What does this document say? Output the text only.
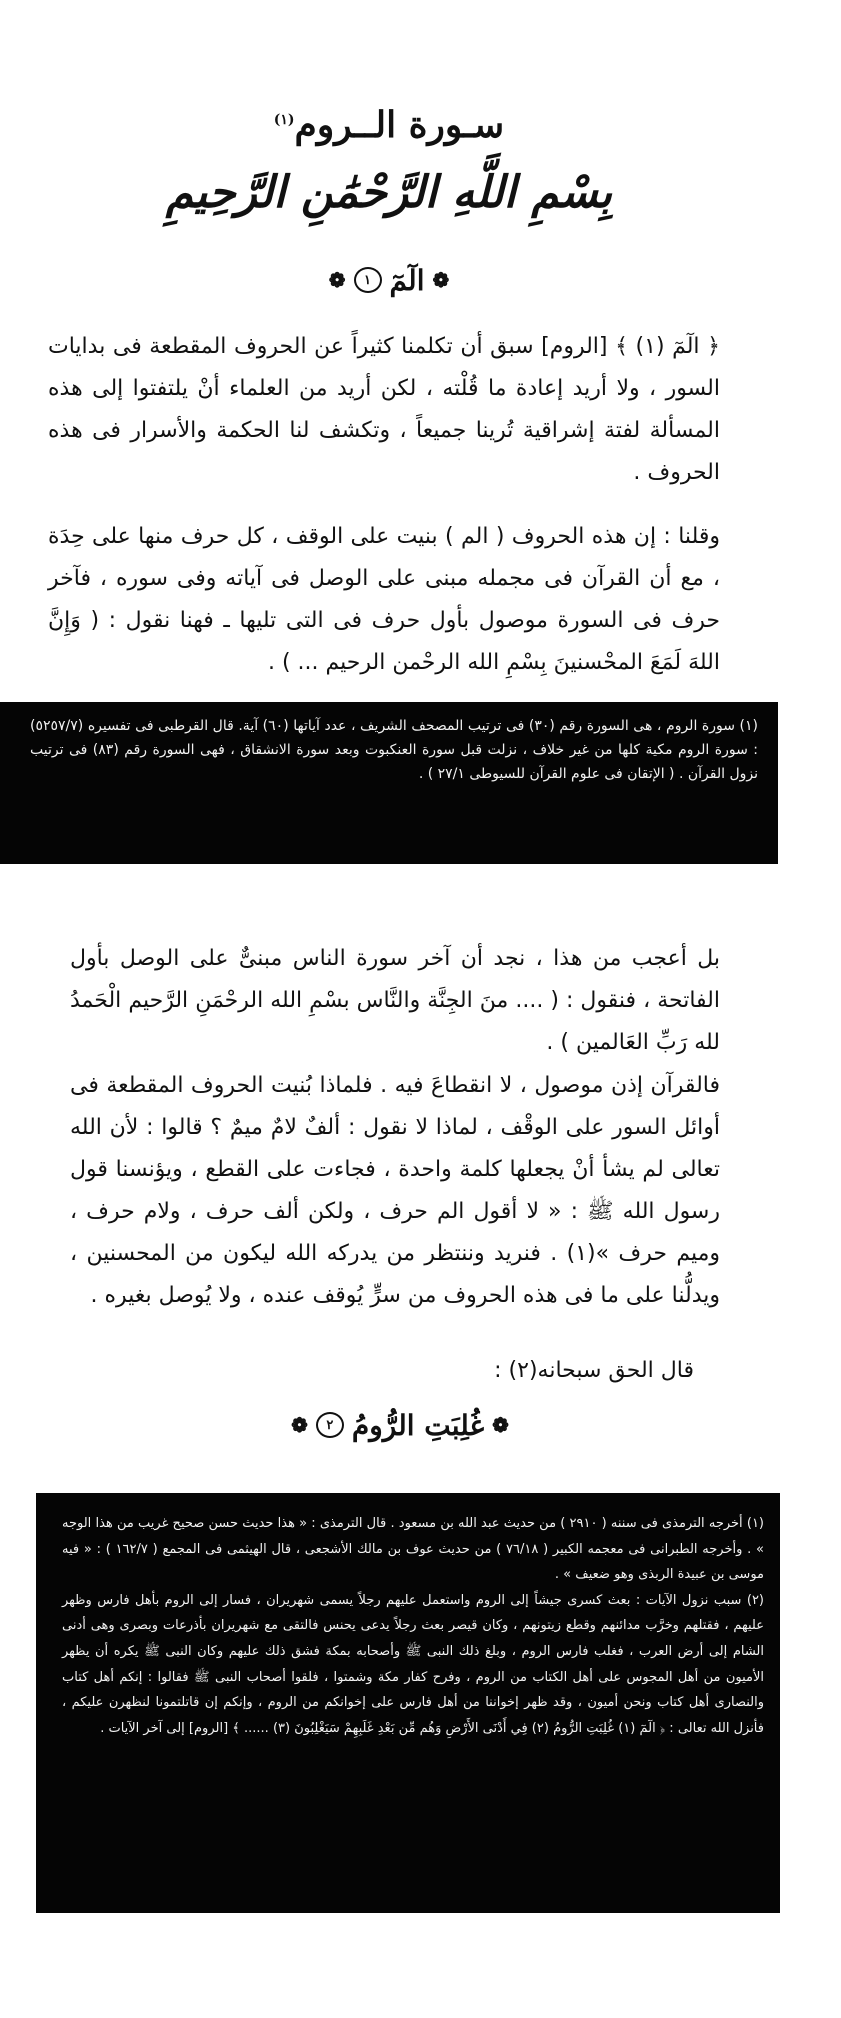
سـورة الــروم$^{(١)}$
بِسْمِ اللَّهِ الرَّحْمَٰنِ الرَّحِيمِ
❁
الٓمٓ
١
❁

﴿ الٓمٓ (١) ﴾ [الروم] سبق أن تكلمنا كثيراً عن الحروف المقطعة فى بدايات السور ، ولا أريد إعادة ما قُلْته ، لكن أريد من العلماء أنْ يلتفتوا إلى هذه المسألة لفتة إشراقية تُرينا جميعاً ، وتكشف لنا الحكمة والأسرار فى هذه الحروف .

وقلنا : إن هذه الحروف ( الم ) بنيت على الوقف ، كل حرف منها على حِدَة ، مع أن القرآن فى مجمله مبنى على الوصل فى آياته وفى سوره ، فآخر حرف فى السورة موصول بأول حرف فى التى تليها ـ فهنا نقول : ( وَإِنَّ اللهَ لَمَعَ المحْسنينَ بِسْمِ الله الرحْمن الرحيم ... ) .

(١) سورة الروم ، هى السورة رقم (٣٠) فى ترتيب المصحف الشريف ، عدد آياتها (٦٠) آية. قال القرطبى فى تفسيره (٥٢٥٧/٧) : سورة الروم مكية كلها من غير خلاف ، نزلت قبل سورة العنكبوت وبعد سورة الانشقاق ، فهى السورة رقم (٨٣) فى ترتيب نزول القرآن . ( الإتقان فى علوم القرآن للسيوطى ٢٧/١ ) .

بل أعجب من هذا ، نجد أن آخر سورة الناس مبنىٌّ على الوصل بأول الفاتحة ، فنقول : ( .... منَ الجِنَّة والنَّاس بسْمِ الله الرحْمَنِ الرَّحيم الْحَمدُ لله رَبِّ العَالمين ) .

فالقرآن إذن موصول ، لا انقطاعَ فيه . فلماذا بُنيت الحروف المقطعة فى أوائل السور على الوقْف ، لماذا لا نقول : ألفٌ لامٌ ميمٌ ؟ قالوا : لأن الله تعالى لم يشأ أنْ يجعلها كلمة واحدة ، فجاءت على القطع ، ويؤنسنا قول رسول الله ﷺ : « لا أقول الم حرف ، ولكن ألف حرف ، ولام حرف ، وميم حرف »(١) . فنريد وننتظر من يدركه الله ليكون من المحسنين ، ويدلُّنا على ما فى هذه الحروف من سرٍّ يُوقف عنده ، ولا يُوصل بغيره .

قال الحق سبحانه(٢) :

❁
غُلِبَتِ الرُّومُ
٢
❁

(١) أخرجه الترمذى فى سننه ( ٢٩١٠ ) من حديث عبد الله بن مسعود . قال الترمذى : « هذا حديث حسن صحيح غريب من هذا الوجه » . وأخرجه الطبرانى فى معجمه الكبير ( ٧٦/١٨ ) من حديث عوف بن مالك الأشجعى ، قال الهيثمى فى المجمع ( ١٦٢/٧ ) : « فيه موسى بن عبيدة الربذى وهو ضعيف » .
(٢) سبب نزول الآيات : بعث كسرى جيشاً إلى الروم واستعمل عليهم رجلاً يسمى شهريران ، فسار إلى الروم بأهل فارس وظهر عليهم ، فقتلهم وخرَّب مدائنهم وقطع زيتونهم ، وكان قيصر بعث رجلاً يدعى يحنس فالتقى مع شهريران بأذرعات وبصرى وهى أدنى الشام إلى أرض العرب ، فغلب فارس الروم ، وبلغ ذلك النبى ﷺ وأصحابه بمكة فشق ذلك عليهم وكان النبى ﷺ يكره أن يظهر الأميون من أهل المجوس على أهل الكتاب من الروم ، وفرح كفار مكة وشمتوا ، فلقوا أصحاب النبى ﷺ فقالوا : إنكم أهل كتاب والنصارى أهل كتاب ونحن أميون ، وقد ظهر إخواننا من أهل فارس على إخوانكم من الروم ، وإنكم إن قاتلتمونا لنظهرن عليكم ، فأنزل الله تعالى : ﴿ الٓمٓ (١) غُلِبَتِ الرُّومُ (٢) فِي أَدْنَى الأَرْضِ وَهُم مِّن بَعْدِ غَلَبِهِمْ سَيَغْلِبُونَ (٣) ...... ﴾ [الروم] إلى آخر الآيات .
